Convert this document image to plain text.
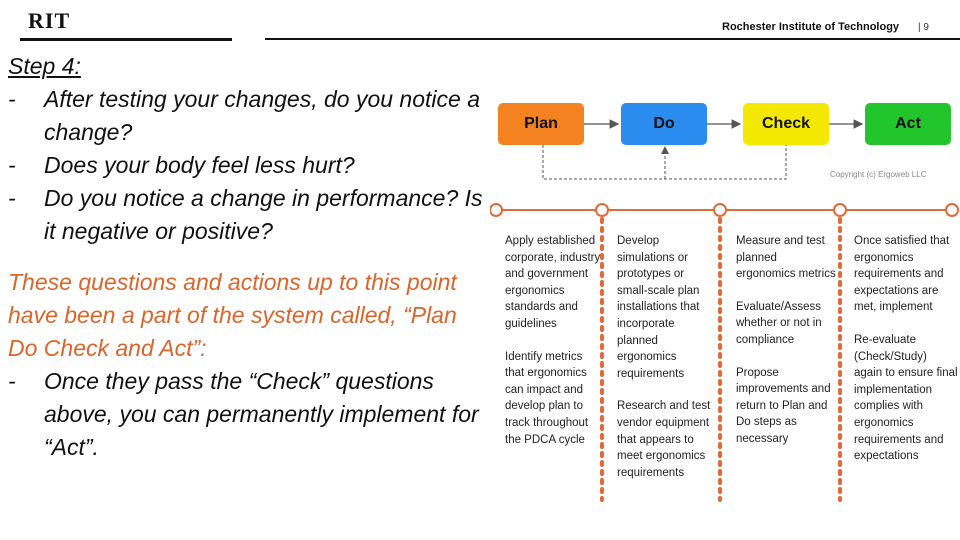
RIT	Rochester Institute of Technology | 9
Step 4:
- After testing your changes, do you notice a change?
- Does your body feel less hurt?
- Do you notice a change in performance? Is it negative or positive?
These questions and actions up to this point have been a part of the system called, “Plan Do Check and Act”:
- Once they pass the “Check” questions above, you can permanently implement for “Act”.
Plan	Do	Check	Act
Copyright (c) Ergoweb LLC

Apply established corporate, industry and government ergonomics standards and guidelines

Identify metrics that ergonomics can impact and develop plan to track throughout the PDCA cycle

Develop simulations or prototypes or small-scale plan installations that incorporate planned ergonomics requirements

Research and test vendor equipment that appears to meet ergonomics requirements

Measure and test planned ergonomics metrics

Evaluate/Assess whether or not in compliance

Propose improvements and return to Plan and Do steps as necessary

Once satisfied that ergonomics requirements and expectations are met, implement

Re-evaluate (Check/Study) again to ensure final implementation complies with ergonomics requirements and expectations
